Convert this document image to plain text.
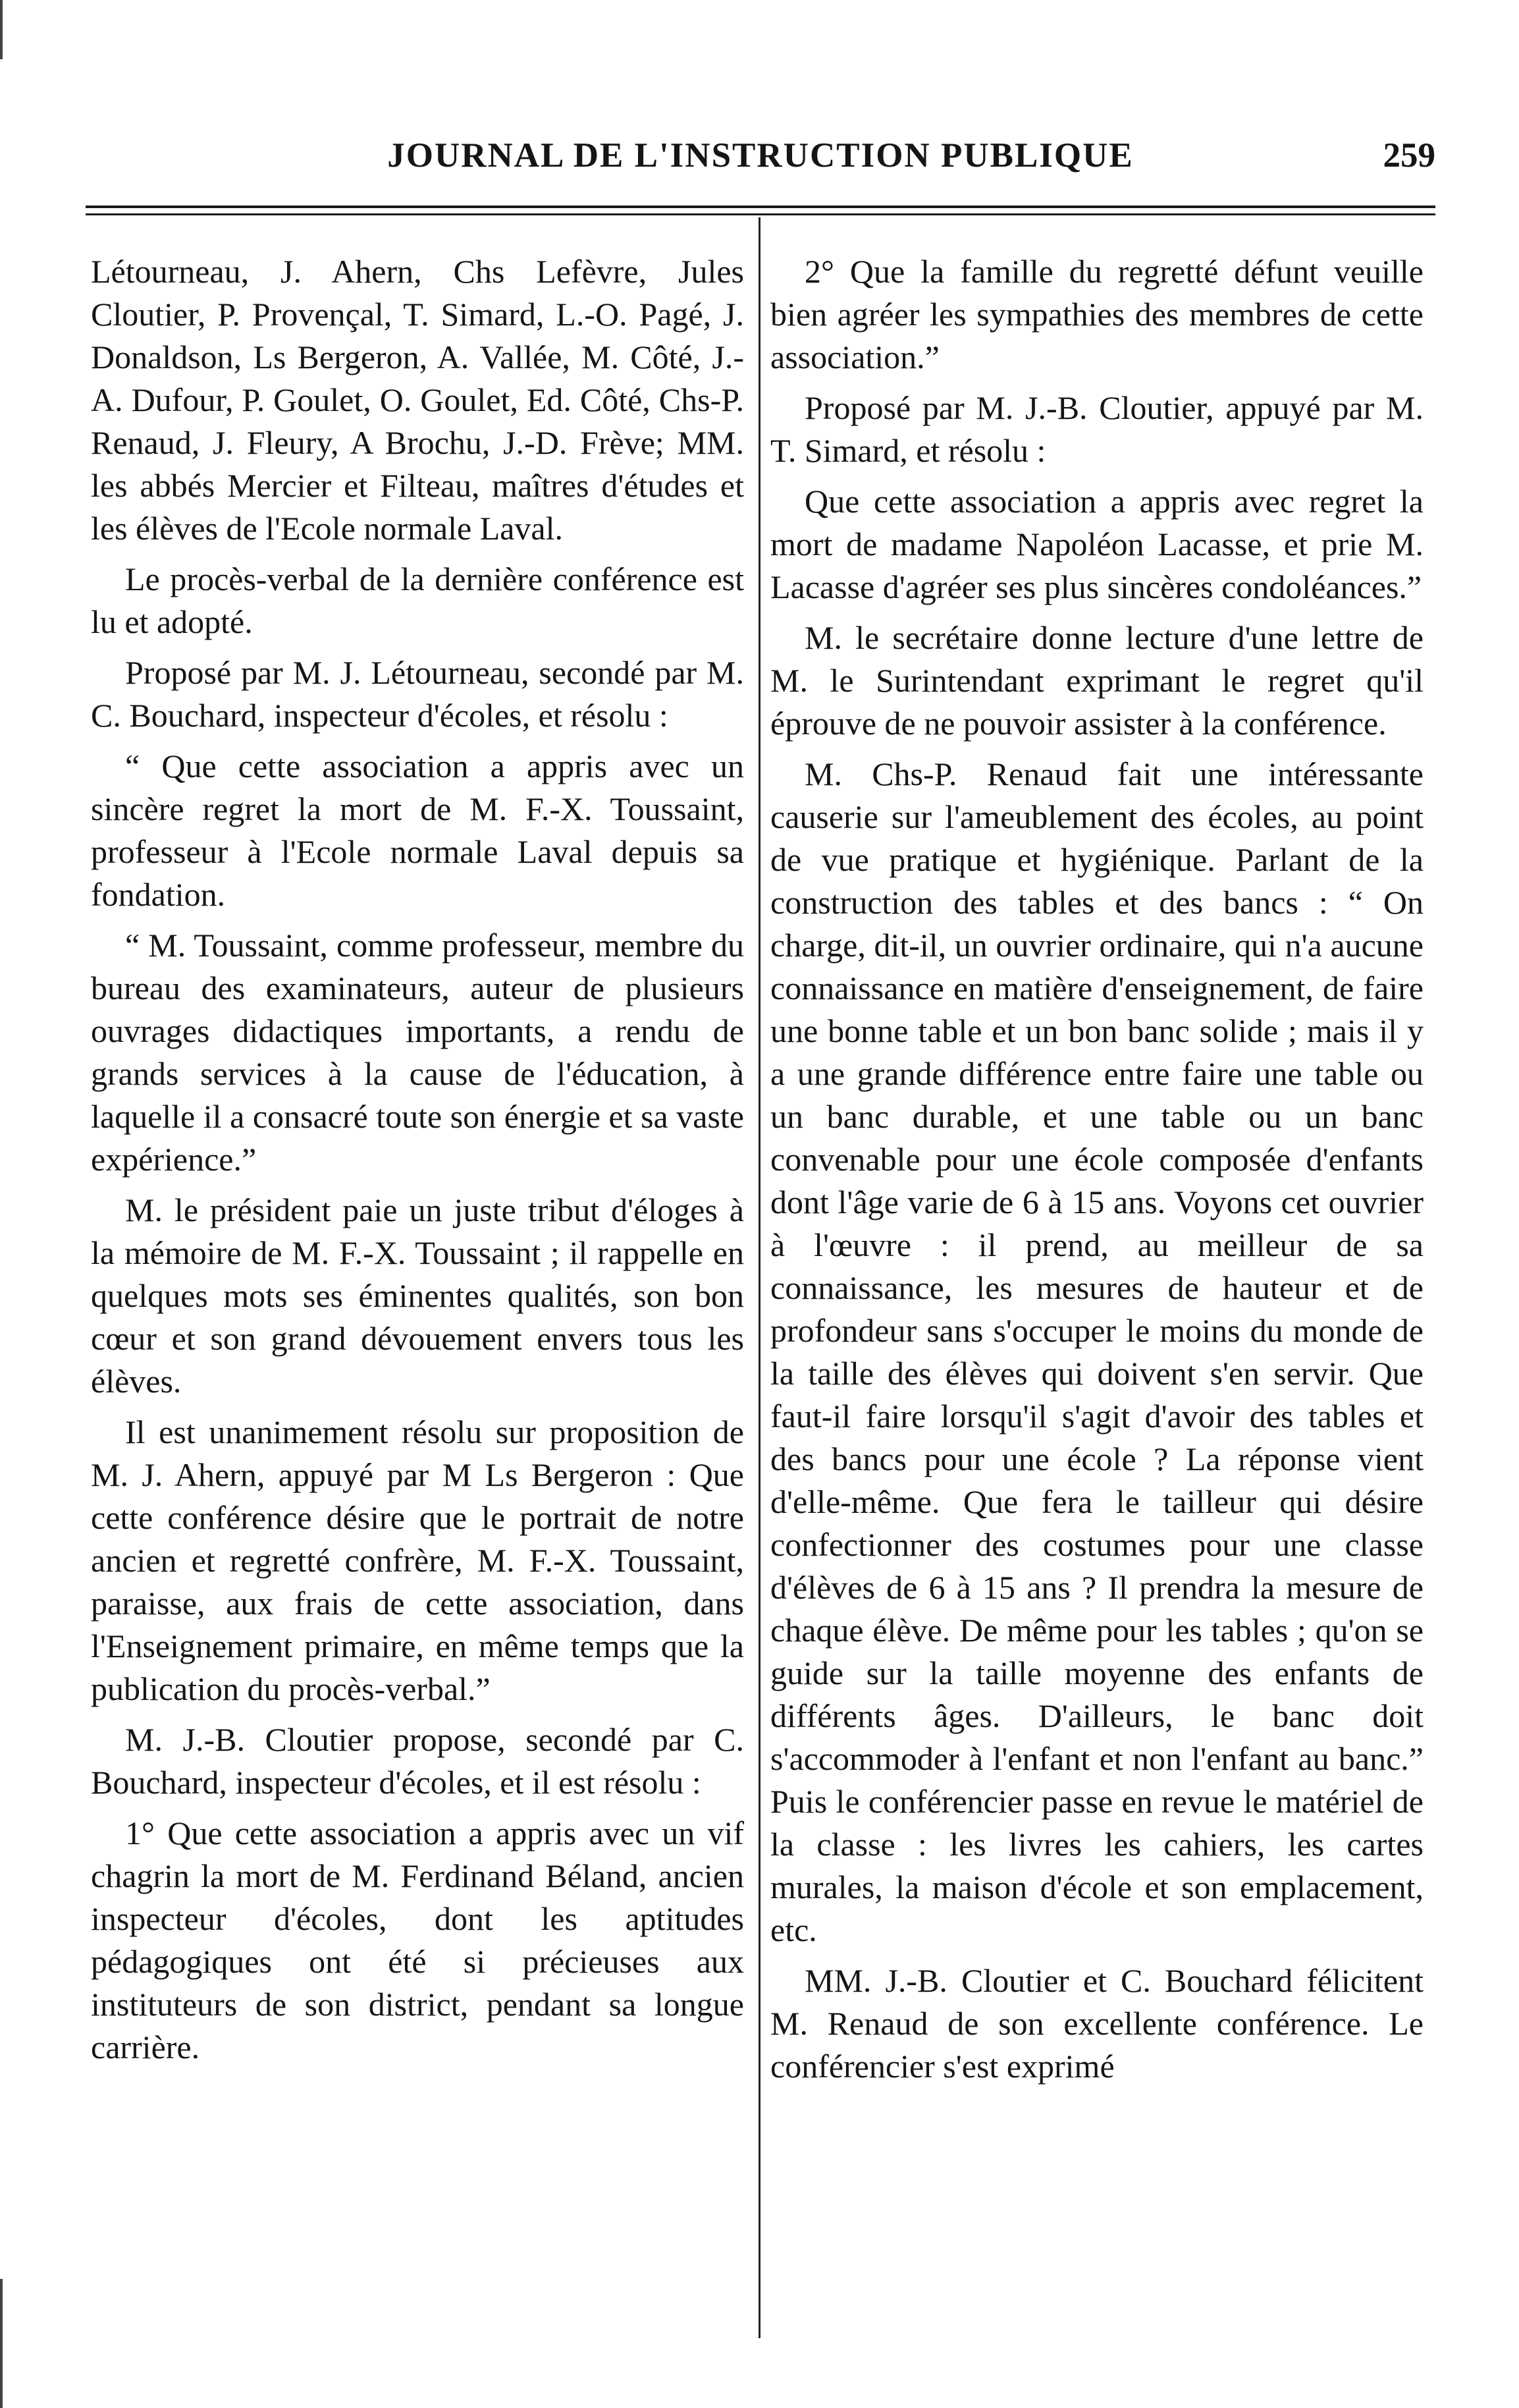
JOURNAL DE L'INSTRUCTION PUBLIQUE	259

Létourneau, J. Ahern, Chs Lefèvre, Jules Cloutier, P. Provençal, T. Simard, L.-O. Pagé, J. Donaldson, Ls Bergeron, A. Vallée, M. Côté, J.-A. Dufour, P. Goulet, O. Goulet, Ed. Côté, Chs-P. Renaud, J. Fleury, A Brochu, J.-D. Frève; MM. les abbés Mercier et Filteau, maîtres d'études et les élèves de l'Ecole normale Laval.

Le procès-verbal de la dernière conférence est lu et adopté.

Proposé par M. J. Létourneau, secondé par M. C. Bouchard, inspecteur d'écoles, et résolu :

“ Que cette association a appris avec un sincère regret la mort de M. F.-X. Toussaint, professeur à l'Ecole normale Laval depuis sa fondation.

“ M. Toussaint, comme professeur, membre du bureau des examinateurs, auteur de plusieurs ouvrages didactiques importants, a rendu de grands services à la cause de l'éducation, à laquelle il a consacré toute son énergie et sa vaste expérience.”

M. le président paie un juste tribut d'éloges à la mémoire de M. F.-X. Toussaint ; il rappelle en quelques mots ses éminentes qualités, son bon cœur et son grand dévouement envers tous les élèves.

Il est unanimement résolu sur proposition de M. J. Ahern, appuyé par M Ls Bergeron : Que cette conférence désire que le portrait de notre ancien et regretté confrère, M. F.-X. Toussaint, paraisse, aux frais de cette association, dans l'Enseignement primaire, en même temps que la publication du procès-verbal.”

M. J.-B. Cloutier propose, secondé par C. Bouchard, inspecteur d'écoles, et il est résolu :

1° Que cette association a appris avec un vif chagrin la mort de M. Ferdinand Béland, ancien inspecteur d'écoles, dont les aptitudes pédagogiques ont été si précieuses aux instituteurs de son district, pendant sa longue carrière.

2° Que la famille du regretté défunt veuille bien agréer les sympathies des membres de cette association.”

Proposé par M. J.-B. Cloutier, appuyé par M. T. Simard, et résolu :

Que cette association a appris avec regret la mort de madame Napoléon Lacasse, et prie M. Lacasse d'agréer ses plus sincères condoléances.”

M. le secrétaire donne lecture d'une lettre de M. le Surintendant exprimant le regret qu'il éprouve de ne pouvoir assister à la conférence.

M. Chs-P. Renaud fait une intéressante causerie sur l'ameublement des écoles, au point de vue pratique et hygiénique. Parlant de la construction des tables et des bancs : “ On charge, dit-il, un ouvrier ordinaire, qui n'a aucune connaissance en matière d'enseignement, de faire une bonne table et un bon banc solide ; mais il y a une grande différence entre faire une table ou un banc durable, et une table ou un banc convenable pour une école composée d'enfants dont l'âge varie de 6 à 15 ans. Voyons cet ouvrier à l'œuvre : il prend, au meilleur de sa connaissance, les mesures de hauteur et de profondeur sans s'occuper le moins du monde de la taille des élèves qui doivent s'en servir. Que faut-il faire lorsqu'il s'agit d'avoir des tables et des bancs pour une école ? La réponse vient d'elle-même. Que fera le tailleur qui désire confectionner des costumes pour une classe d'élèves de 6 à 15 ans ? Il prendra la mesure de chaque élève. De même pour les tables ; qu'on se guide sur la taille moyenne des enfants de différents âges. D'ailleurs, le banc doit s'accommoder à l'enfant et non l'enfant au banc.” Puis le conférencier passe en revue le matériel de la classe : les livres les cahiers, les cartes murales, la maison d'école et son emplacement, etc.

MM. J.-B. Cloutier et C. Bouchard félicitent M. Renaud de son excellente conférence. Le conférencier s'est exprimé
